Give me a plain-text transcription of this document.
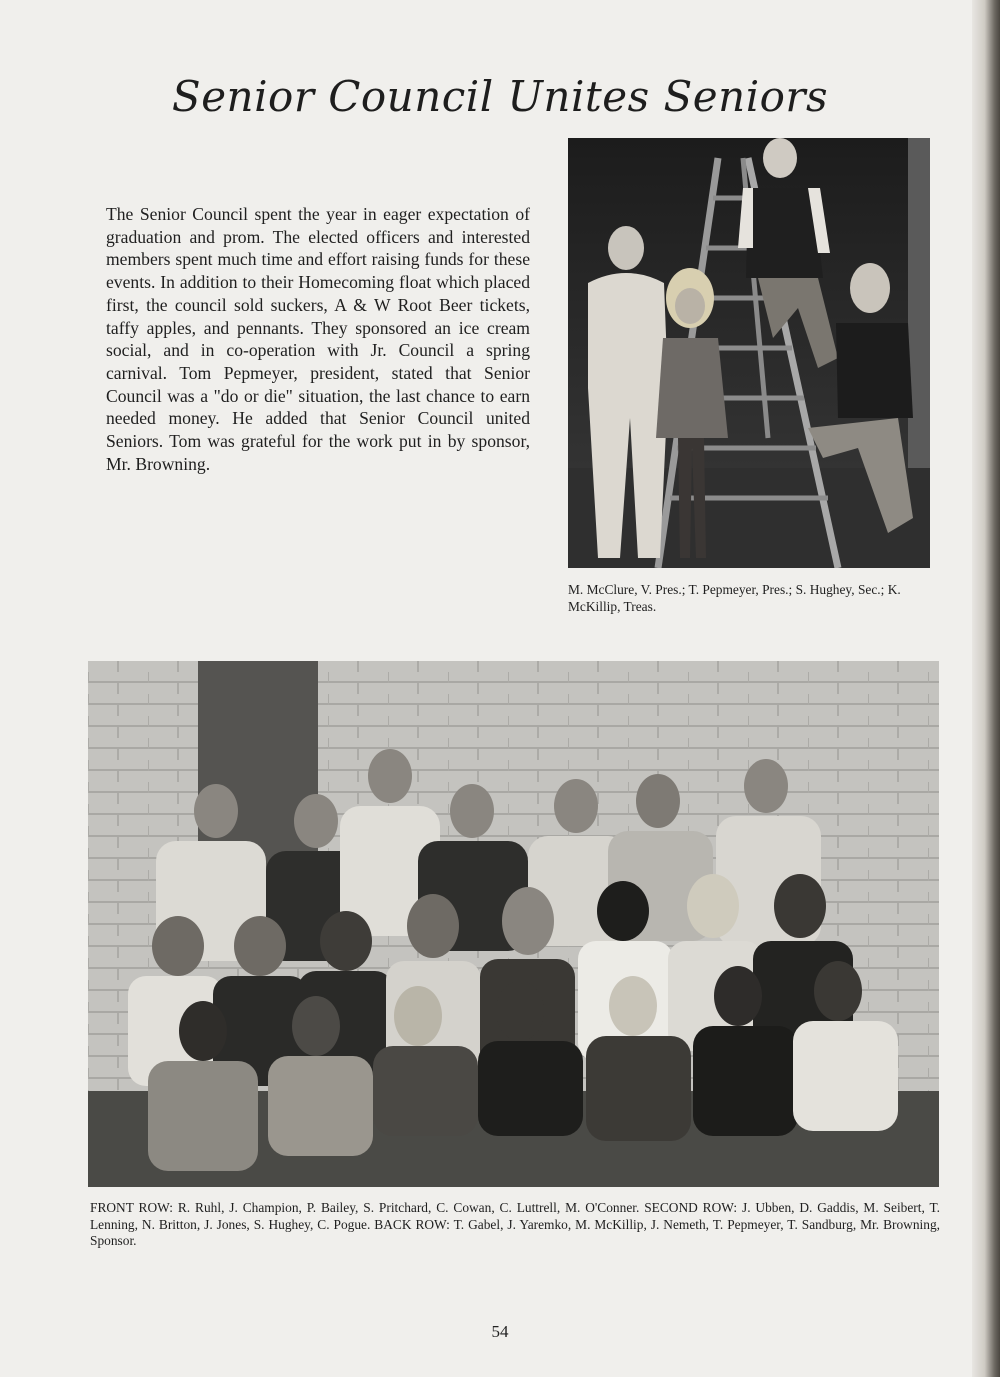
Senior Council Unites Seniors

The Senior Council spent the year in eager expectation of graduation and prom. The elected officers and interested members spent much time and effort raising funds for these events. In addition to their Homecoming float which placed first, the council sold suckers, A & W Root Beer tickets, taffy apples, and pennants. They sponsored an ice cream social, and in co-operation with Jr. Council a spring carnival. Tom Pepmeyer, president, stated that Senior Council was a "do or die" situation, the last chance to earn needed money. He added that Senior Council united Seniors. Tom was grateful for the work put in by sponsor, Mr. Browning.

M. McClure, V. Pres.; T. Pepmeyer, Pres.; S. Hughey, Sec.; K. McKillip, Treas.

FRONT ROW: R. Ruhl, J. Champion, P. Bailey, S. Pritchard, C. Cowan, C. Luttrell, M. O'Conner. SECOND ROW: J. Ubben, D. Gaddis, M. Seibert, T. Lenning, N. Britton, J. Jones, S. Hughey, C. Pogue. BACK ROW: T. Gabel, J. Yaremko, M. McKillip, J. Nemeth, T. Pepmeyer, T. Sandburg, Mr. Browning, Sponsor.

54
